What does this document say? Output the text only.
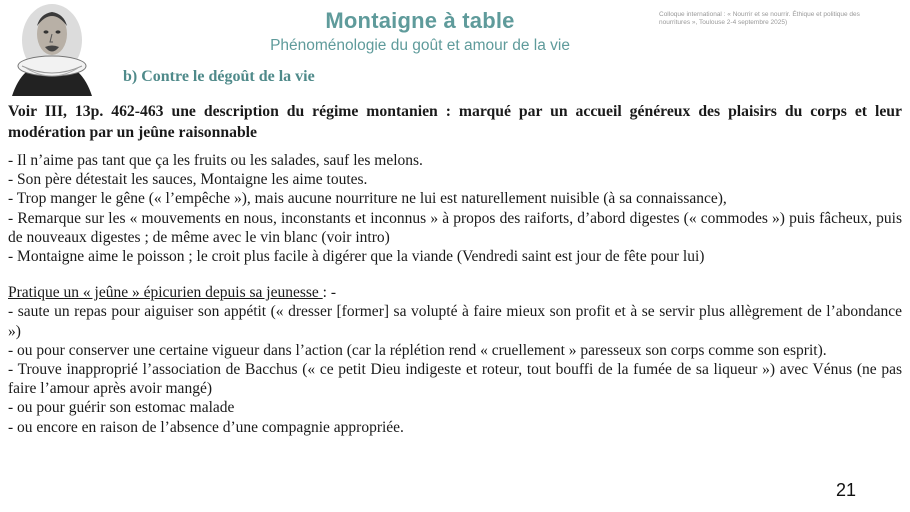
Montaigne à table
Phénoménologie du goût et amour de la vie
Colloque international : « Nourrir et se nourrir. Éthique et politique des nourritures », Toulouse 2-4 septembre 2025)
b) Contre le dégoût de la vie

Voir III, 13p. 462-463 une description du régime montanien : marqué par un accueil généreux des plaisirs du corps et leur modération par un jeûne raisonnable

- Il n’aime pas tant que ça les fruits ou les salades, sauf les melons.

- Son père détestait les sauces, Montaigne les aime toutes.

- Trop manger le gêne (« l’empêche »), mais aucune nourriture ne lui est naturellement nuisible (à sa connaissance),

- Remarque sur les « mouvements en nous, inconstants et inconnus » à propos des raiforts, d’abord digestes (« commodes ») puis fâcheux, puis de nouveaux digestes ; de même avec le vin blanc (voir intro)

- Montaigne aime le poisson ; le croit plus facile à digérer que la viande (Vendredi saint est jour de fête pour lui)

Pratique un « jeûne » épicurien depuis sa jeunesse : -

- saute un repas pour aiguiser son appétit (« dresser [former] sa volupté à faire mieux son profit et à se servir plus allègrement de l’abondance »)

- ou pour conserver une certaine vigueur dans l’action (car la réplétion rend « cruellement » paresseux son corps comme son esprit).

- Trouve inapproprié l’association de Bacchus (« ce petit Dieu indigeste et roteur, tout bouffi de la fumée de sa liqueur ») avec Vénus (ne pas faire l’amour après avoir mangé)

- ou pour guérir son estomac malade

- ou encore en raison de l’absence d’une compagnie appropriée.

21
